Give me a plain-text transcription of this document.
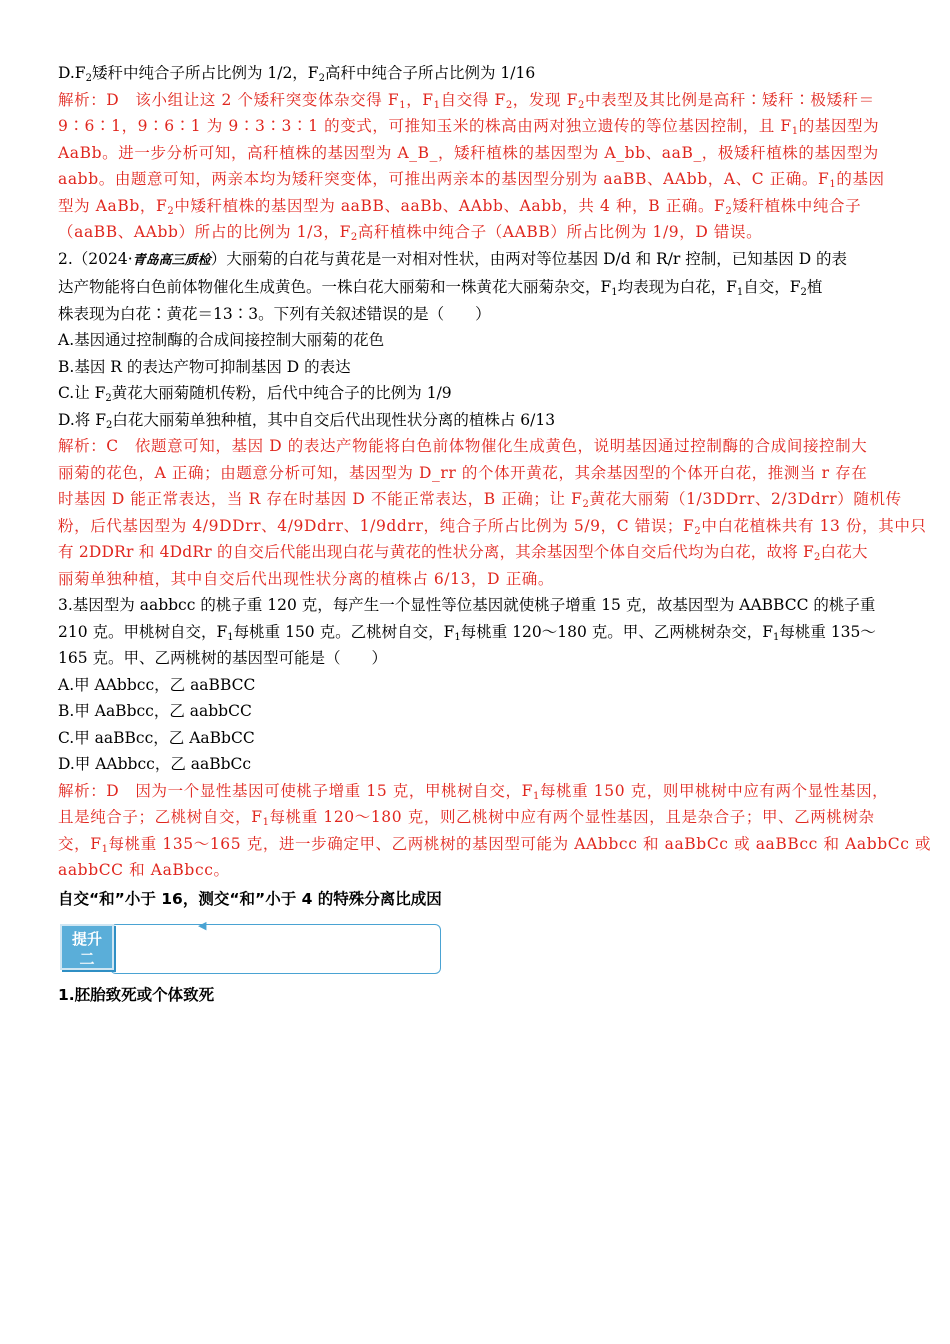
$D.F_2$矮秆中纯合子所占比例为 1/2，$F_2$高秆中纯合子所占比例为 1/16
解析：D　该小组让这 2 个矮秆突变体杂交得 $F_1$，$F_1$自交得 $F_2$，发现 $F_2$中表型及其比例是高秆∶矮秆∶极矮秆＝
9∶6∶1，9∶6∶1 为 9∶3∶3∶1 的变式，可推知玉米的株高由两对独立遗传的等位基因控制，且 $F_1$的基因型为
AaBb。进一步分析可知，高秆植株的基因型为 A_B_，矮秆植株的基因型为 A_bb、aaB_，极矮秆植株的基因型为
aabb。由题意可知，两亲本均为矮秆突变体，可推出两亲本的基因型分别为 aaBB、AAbb，A、C 正确。$F_1$的基因
型为 AaBb，$F_2$中矮秆植株的基因型为 aaBB、aaBb、AAbb、Aabb，共 4 种，B 正确。$F_2$矮秆植株中纯合子
（aaBB、AAbb）所占的比例为 1/3，$F_2$高秆植株中纯合子（AABB）所占比例为 1/9，D 错误。
2.（2024·青岛高三质检）大丽菊的白花与黄花是一对相对性状，由两对等位基因 D/d 和 R/r 控制，已知基因 D 的表
达产物能将白色前体物催化生成黄色。一株白花大丽菊和一株黄花大丽菊杂交，$F_1$均表现为白花，$F_1$自交，$F_2$植
株表现为白花∶黄花＝13∶3。下列有关叙述错误的是（　　）
A.基因通过控制酶的合成间接控制大丽菊的花色
B.基因 R 的表达产物可抑制基因 D 的表达
C.让 $F_2$黄花大丽菊随机传粉，后代中纯合子的比例为 1/9
D.将 $F_2$白花大丽菊单独种植，其中自交后代出现性状分离的植株占 6/13
解析：C　依题意可知，基因 D 的表达产物能将白色前体物催化生成黄色，说明基因通过控制酶的合成间接控制大
丽菊的花色，A 正确；由题意分析可知，基因型为 D_rr 的个体开黄花，其余基因型的个体开白花，推测当 r 存在
时基因 D 能正常表达，当 R 存在时基因 D 不能正常表达，B 正确；让 $F_2$黄花大丽菊（1/3DDrr、2/3Ddrr）随机传
粉，后代基因型为 4/9DDrr、4/9Ddrr、1/9ddrr，纯合子所占比例为 5/9，C 错误；$F_2$中白花植株共有 13 份，其中只
有 2DDRr 和 4DdRr 的自交后代能出现白花与黄花的性状分离，其余基因型个体自交后代均为白花，故将 $F_2$白花大
丽菊单独种植，其中自交后代出现性状分离的植株占 6/13，D 正确。
3.基因型为 aabbcc 的桃子重 120 克，每产生一个显性等位基因就使桃子增重 15 克，故基因型为 AABBCC 的桃子重
210 克。甲桃树自交，$F_1$每桃重 150 克。乙桃树自交，$F_1$每桃重 120～180 克。甲、乙两桃树杂交，$F_1$每桃重 135～
165 克。甲、乙两桃树的基因型可能是（　　）
A.甲 AAbbcc，乙 aaBBCC
B.甲 AaBbcc，乙 aabbCC
C.甲 aaBBcc，乙 AaBbCC
D.甲 AAbbcc，乙 aaBbCc
解析：D　因为一个显性基因可使桃子增重 15 克，甲桃树自交，$F_1$每桃重 150 克，则甲桃树中应有两个显性基因，
且是纯合子；乙桃树自交，$F_1$每桃重 120～180 克，则乙桃树中应有两个显性基因，且是杂合子；甲、乙两桃树杂
交，$F_1$每桃重 135～165 克，进一步确定甲、乙两桃树的基因型可能为 AAbbcc 和 aaBbCc 或 aaBBcc 和 AabbCc 或
aabbCC 和 AaBbcc。
自交“和”小于 16，测交“和”小于 4 的特殊分离比成因
◀
提升
二
1.胚胎致死或个体致死
